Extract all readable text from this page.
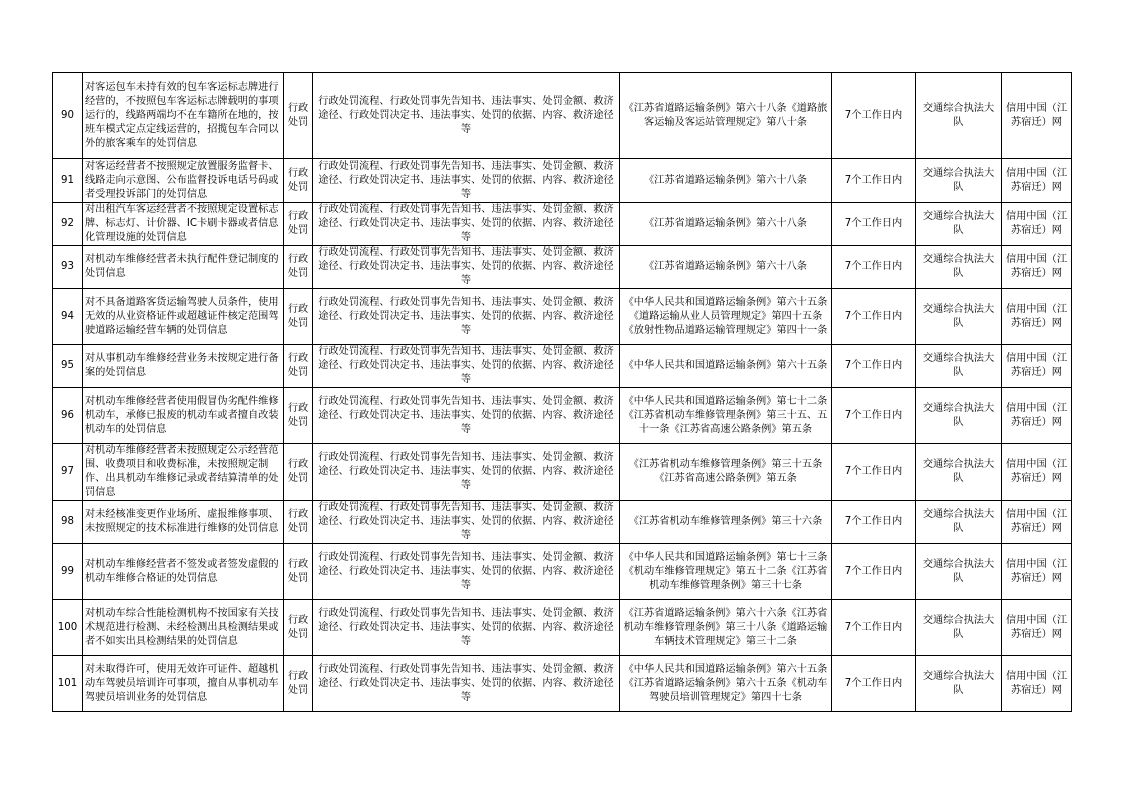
90	对客运包车未持有效的包车客运标志牌进行经营的，不按照包车客运标志牌载明的事项运行的，线路两端均不在车籍所在地的，按班车模式定点定线运营的，招揽包车合同以外的旅客乘车的处罚信息	行政处罚	行政处罚流程、行政处罚事先告知书、违法事实、处罚金额、救济途径、行政处罚决定书、违法事实、处罚的依据、内容、救济途径等	《江苏省道路运输条例》第六十八条《道路旅客运输及客运站管理规定》第八十条	7个工作日内	交通综合执法大队	信用中国（江苏宿迁）网
91	对客运经营者不按照规定放置服务监督卡、线路走向示意图、公布监督投诉电话号码或者受理投诉部门的处罚信息	行政处罚	行政处罚流程、行政处罚事先告知书、违法事实、处罚金额、救济途径、行政处罚决定书、违法事实、处罚的依据、内容、救济途径等	《江苏省道路运输条例》第六十八条	7个工作日内	交通综合执法大队	信用中国（江苏宿迁）网
92	对出租汽车客运经营者不按照规定设置标志牌、标志灯、计价器、IC卡刷卡器或者信息化管理设施的处罚信息	行政处罚	行政处罚流程、行政处罚事先告知书、违法事实、处罚金额、救济途径、行政处罚决定书、违法事实、处罚的依据、内容、救济途径等	《江苏省道路运输条例》第六十八条	7个工作日内	交通综合执法大队	信用中国（江苏宿迁）网
93	对机动车维修经营者未执行配件登记制度的处罚信息	行政处罚	行政处罚流程、行政处罚事先告知书、违法事实、处罚金额、救济途径、行政处罚决定书、违法事实、处罚的依据、内容、救济途径等	《江苏省道路运输条例》第六十八条	7个工作日内	交通综合执法大队	信用中国（江苏宿迁）网
94	对不具备道路客货运输驾驶人员条件，使用无效的从业资格证件或超越证件核定范围驾驶道路运输经营车辆的处罚信息	行政处罚	行政处罚流程、行政处罚事先告知书、违法事实、处罚金额、救济途径、行政处罚决定书、违法事实、处罚的依据、内容、救济途径等	《中华人民共和国道路运输条例》第六十五条《道路运输从业人员管理规定》第四十五条《放射性物品道路运输管理规定》第四十一条	7个工作日内	交通综合执法大队	信用中国（江苏宿迁）网
95	对从事机动车维修经营业务未按规定进行备案的处罚信息	行政处罚	行政处罚流程、行政处罚事先告知书、违法事实、处罚金额、救济途径、行政处罚决定书、违法事实、处罚的依据、内容、救济途径等	《中华人民共和国道路运输条例》第六十五条	7个工作日内	交通综合执法大队	信用中国（江苏宿迁）网
96	对机动车维修经营者使用假冒伪劣配件维修机动车，承修已报废的机动车或者擅自改装机动车的处罚信息	行政处罚	行政处罚流程、行政处罚事先告知书、违法事实、处罚金额、救济途径、行政处罚决定书、违法事实、处罚的依据、内容、救济途径等	《中华人民共和国道路运输条例》第七十二条《江苏省机动车维修管理条例》第三十五、五十一条《江苏省高速公路条例》第五条	7个工作日内	交通综合执法大队	信用中国（江苏宿迁）网
97	对机动车维修经营者未按照规定公示经营范围、收费项目和收费标准，未按照规定制作、出具机动车维修记录或者结算清单的处罚信息	行政处罚	行政处罚流程、行政处罚事先告知书、违法事实、处罚金额、救济途径、行政处罚决定书、违法事实、处罚的依据、内容、救济途径等	《江苏省机动车维修管理条例》第三十五条《江苏省高速公路条例》第五条	7个工作日内	交通综合执法大队	信用中国（江苏宿迁）网
98	对未经核准变更作业场所、虚报维修事项、未按照规定的技术标准进行维修的处罚信息	行政处罚	行政处罚流程、行政处罚事先告知书、违法事实、处罚金额、救济途径、行政处罚决定书、违法事实、处罚的依据、内容、救济途径等	《江苏省机动车维修管理条例》第三十六条	7个工作日内	交通综合执法大队	信用中国（江苏宿迁）网
99	对机动车维修经营者不签发或者签发虚假的机动车维修合格证的处罚信息	行政处罚	行政处罚流程、行政处罚事先告知书、违法事实、处罚金额、救济途径、行政处罚决定书、违法事实、处罚的依据、内容、救济途径等	《中华人民共和国道路运输条例》第七十三条《机动车维修管理规定》第五十二条《江苏省机动车维修管理条例》第三十七条	7个工作日内	交通综合执法大队	信用中国（江苏宿迁）网
100	对机动车综合性能检测机构不按国家有关技术规范进行检测、未经检测出具检测结果或者不如实出具检测结果的处罚信息	行政处罚	行政处罚流程、行政处罚事先告知书、违法事实、处罚金额、救济途径、行政处罚决定书、违法事实、处罚的依据、内容、救济途径等	《江苏省道路运输条例》第六十六条《江苏省机动车维修管理条例》第三十八条《道路运输车辆技术管理规定》第三十二条	7个工作日内	交通综合执法大队	信用中国（江苏宿迁）网
101	对未取得许可，使用无效许可证件、超越机动车驾驶员培训许可事项，擅自从事机动车驾驶员培训业务的处罚信息	行政处罚	行政处罚流程、行政处罚事先告知书、违法事实、处罚金额、救济途径、行政处罚决定书、违法事实、处罚的依据、内容、救济途径等	《中华人民共和国道路运输条例》第六十五条《江苏省道路运输条例》第六十五条《机动车驾驶员培训管理规定》第四十七条	7个工作日内	交通综合执法大队	信用中国（江苏宿迁）网
